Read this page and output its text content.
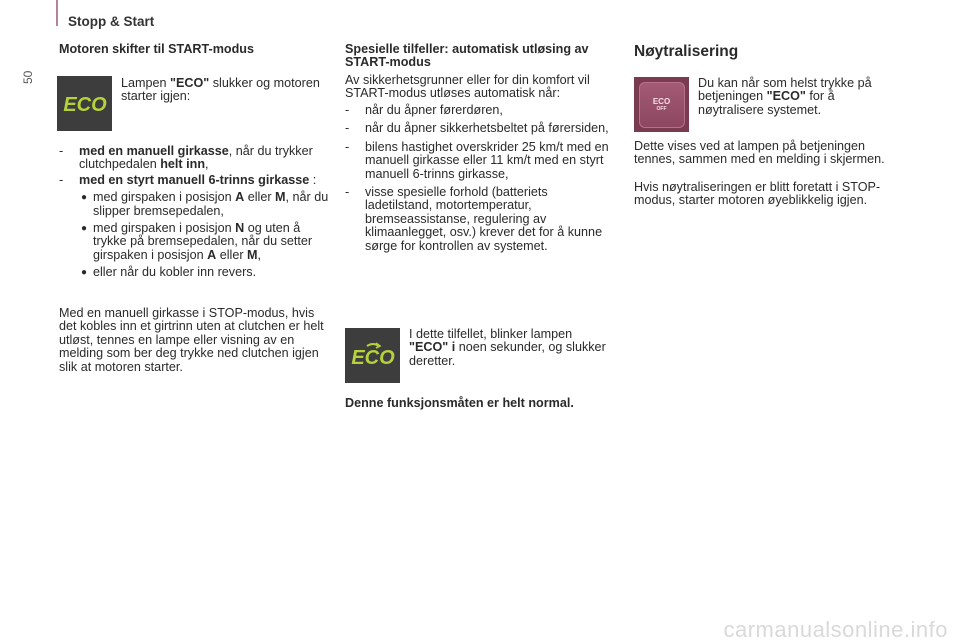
Stopp & Start
50
Motoren skifter til START-modus
ECO
Lampen "ECO" slukker og motoren starter igjen:
- med en manuell girkasse, når du trykker clutchpedalen helt inn,
- med en styrt manuell 6-trinns girkasse :
● med girspaken i posisjon A eller M, når du slipper bremsepedalen,
● med girspaken i posisjon N og uten å trykke på bremsepedalen, når du setter girspaken i posisjon A eller M,
● eller når du kobler inn revers.

Med en manuell girkasse i STOP-modus, hvis det kobles inn et girtrinn uten at clutchen er helt utløst, tennes en lampe eller visning av en melding som ber deg trykke ned clutchen igjen slik at motoren starter.

Spesielle tilfeller: automatisk utløsing av START-modus

Av sikkerhetsgrunner eller for din komfort vil START-modus utløses automatisk når:

- når du åpner førerdøren,
- når du åpner sikkerhetsbeltet på førersiden,
- bilens hastighet overskrider 25 km/t med en manuell girkasse eller 11 km/t med en styrt manuell 6-trinns girkasse,
- visse spesielle forhold (batteriets ladetilstand, motortemperatur, bremseassistanse, regulering av klimaanlegget, osv.) krever det for å kunne sørge for kontrollen av systemet.
ECO
I dette tilfellet, blinker lampen "ECO" i noen sekunder, og slukker deretter.
Denne funksjonsmåten er helt normal.
Nøytralisering
ECO
OFF
Du kan når som helst trykke på betjeningen "ECO" for å nøytralisere systemet.

Dette vises ved at lampen på betjeningen tennes, sammen med en melding i skjermen.

Hvis nøytraliseringen er blitt foretatt i STOP-modus, starter motoren øyeblikkelig igjen.

carmanualsonline.info
